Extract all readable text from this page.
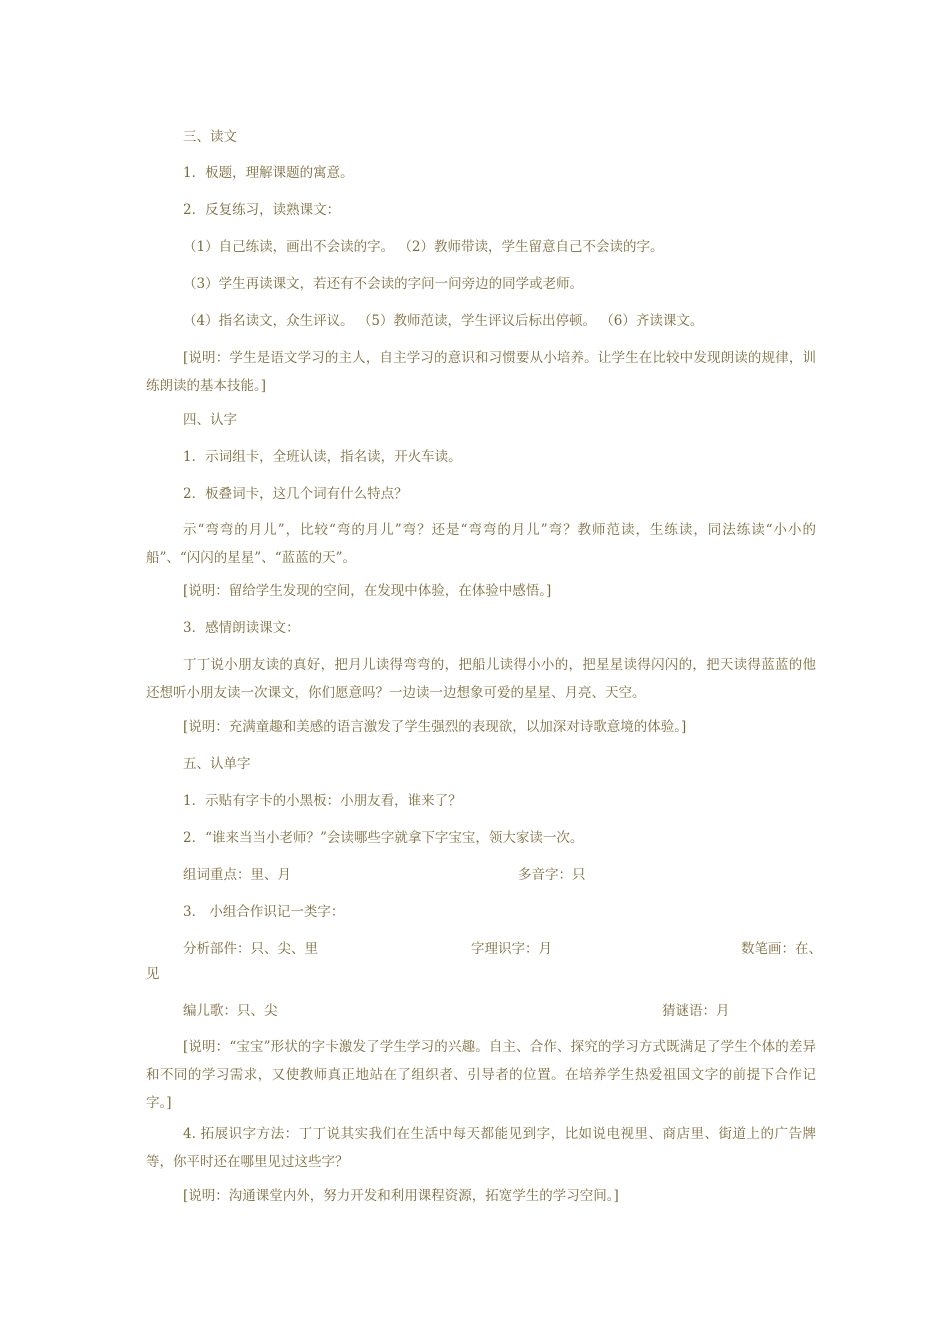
三、读文
1．板题，理解课题的寓意。
2．反复练习，读熟课文：
（1）自己练读，画出不会读的字。 （2）教师带读，学生留意自己不会读的字。
（3）学生再读课文，若还有不会读的字问一问旁边的同学或老师。
（4）指名读文，众生评议。 （5）教师范读，学生评议后标出停顿。 （6）齐读课文。
[说明：学生是语文学习的主人，自主学习的意识和习惯要从小培养。让学生在比较中发现朗读的规律，训练朗读的基本技能。]
四、认字
1．示词组卡，全班认读，指名读，开火车读。
2．板叠词卡，这几个词有什么特点？
示“弯弯的月儿”，比较“弯的月儿”弯？还是“弯弯的月儿”弯？教师范读，生练读，同法练读“小小的船”、“闪闪的星星”、“蓝蓝的天”。
[说明：留给学生发现的空间，在发现中体验，在体验中感悟。]
3．感情朗读课文：
丁丁说小朋友读的真好，把月儿读得弯弯的，把船儿读得小小的，把星星读得闪闪的，把天读得蓝蓝的他还想听小朋友读一次课文，你们愿意吗？一边读一边想象可爱的星星、月亮、天空。
[说明：充满童趣和美感的语言激发了学生强烈的表现欲，以加深对诗歌意境的体验。]
五、认单字
1．示贴有字卡的小黑板：小朋友看，谁来了？
2．“谁来当当小老师？”会读哪些字就拿下字宝宝，领大家读一次。
组词重点：里、月	多音字：只
3． 小组合作识记一类字：
分析部件：只、尖、里	字理识字：月	数笔画：在、
见
编儿歌：只、尖	猜谜语：月
[说明：“宝宝”形状的字卡激发了学生学习的兴趣。自主、合作、探究的学习方式既满足了学生个体的差异和不同的学习需求，又使教师真正地站在了组织者、引导者的位置。在培养学生热爱祖国文字的前提下合作记字。]
4. 拓展识字方法：丁丁说其实我们在生活中每天都能见到字，比如说电视里、商店里、街道上的广告牌等，你平时还在哪里见过这些字？
[说明：沟通课堂内外，努力开发和利用课程资源，拓宽学生的学习空间。]
